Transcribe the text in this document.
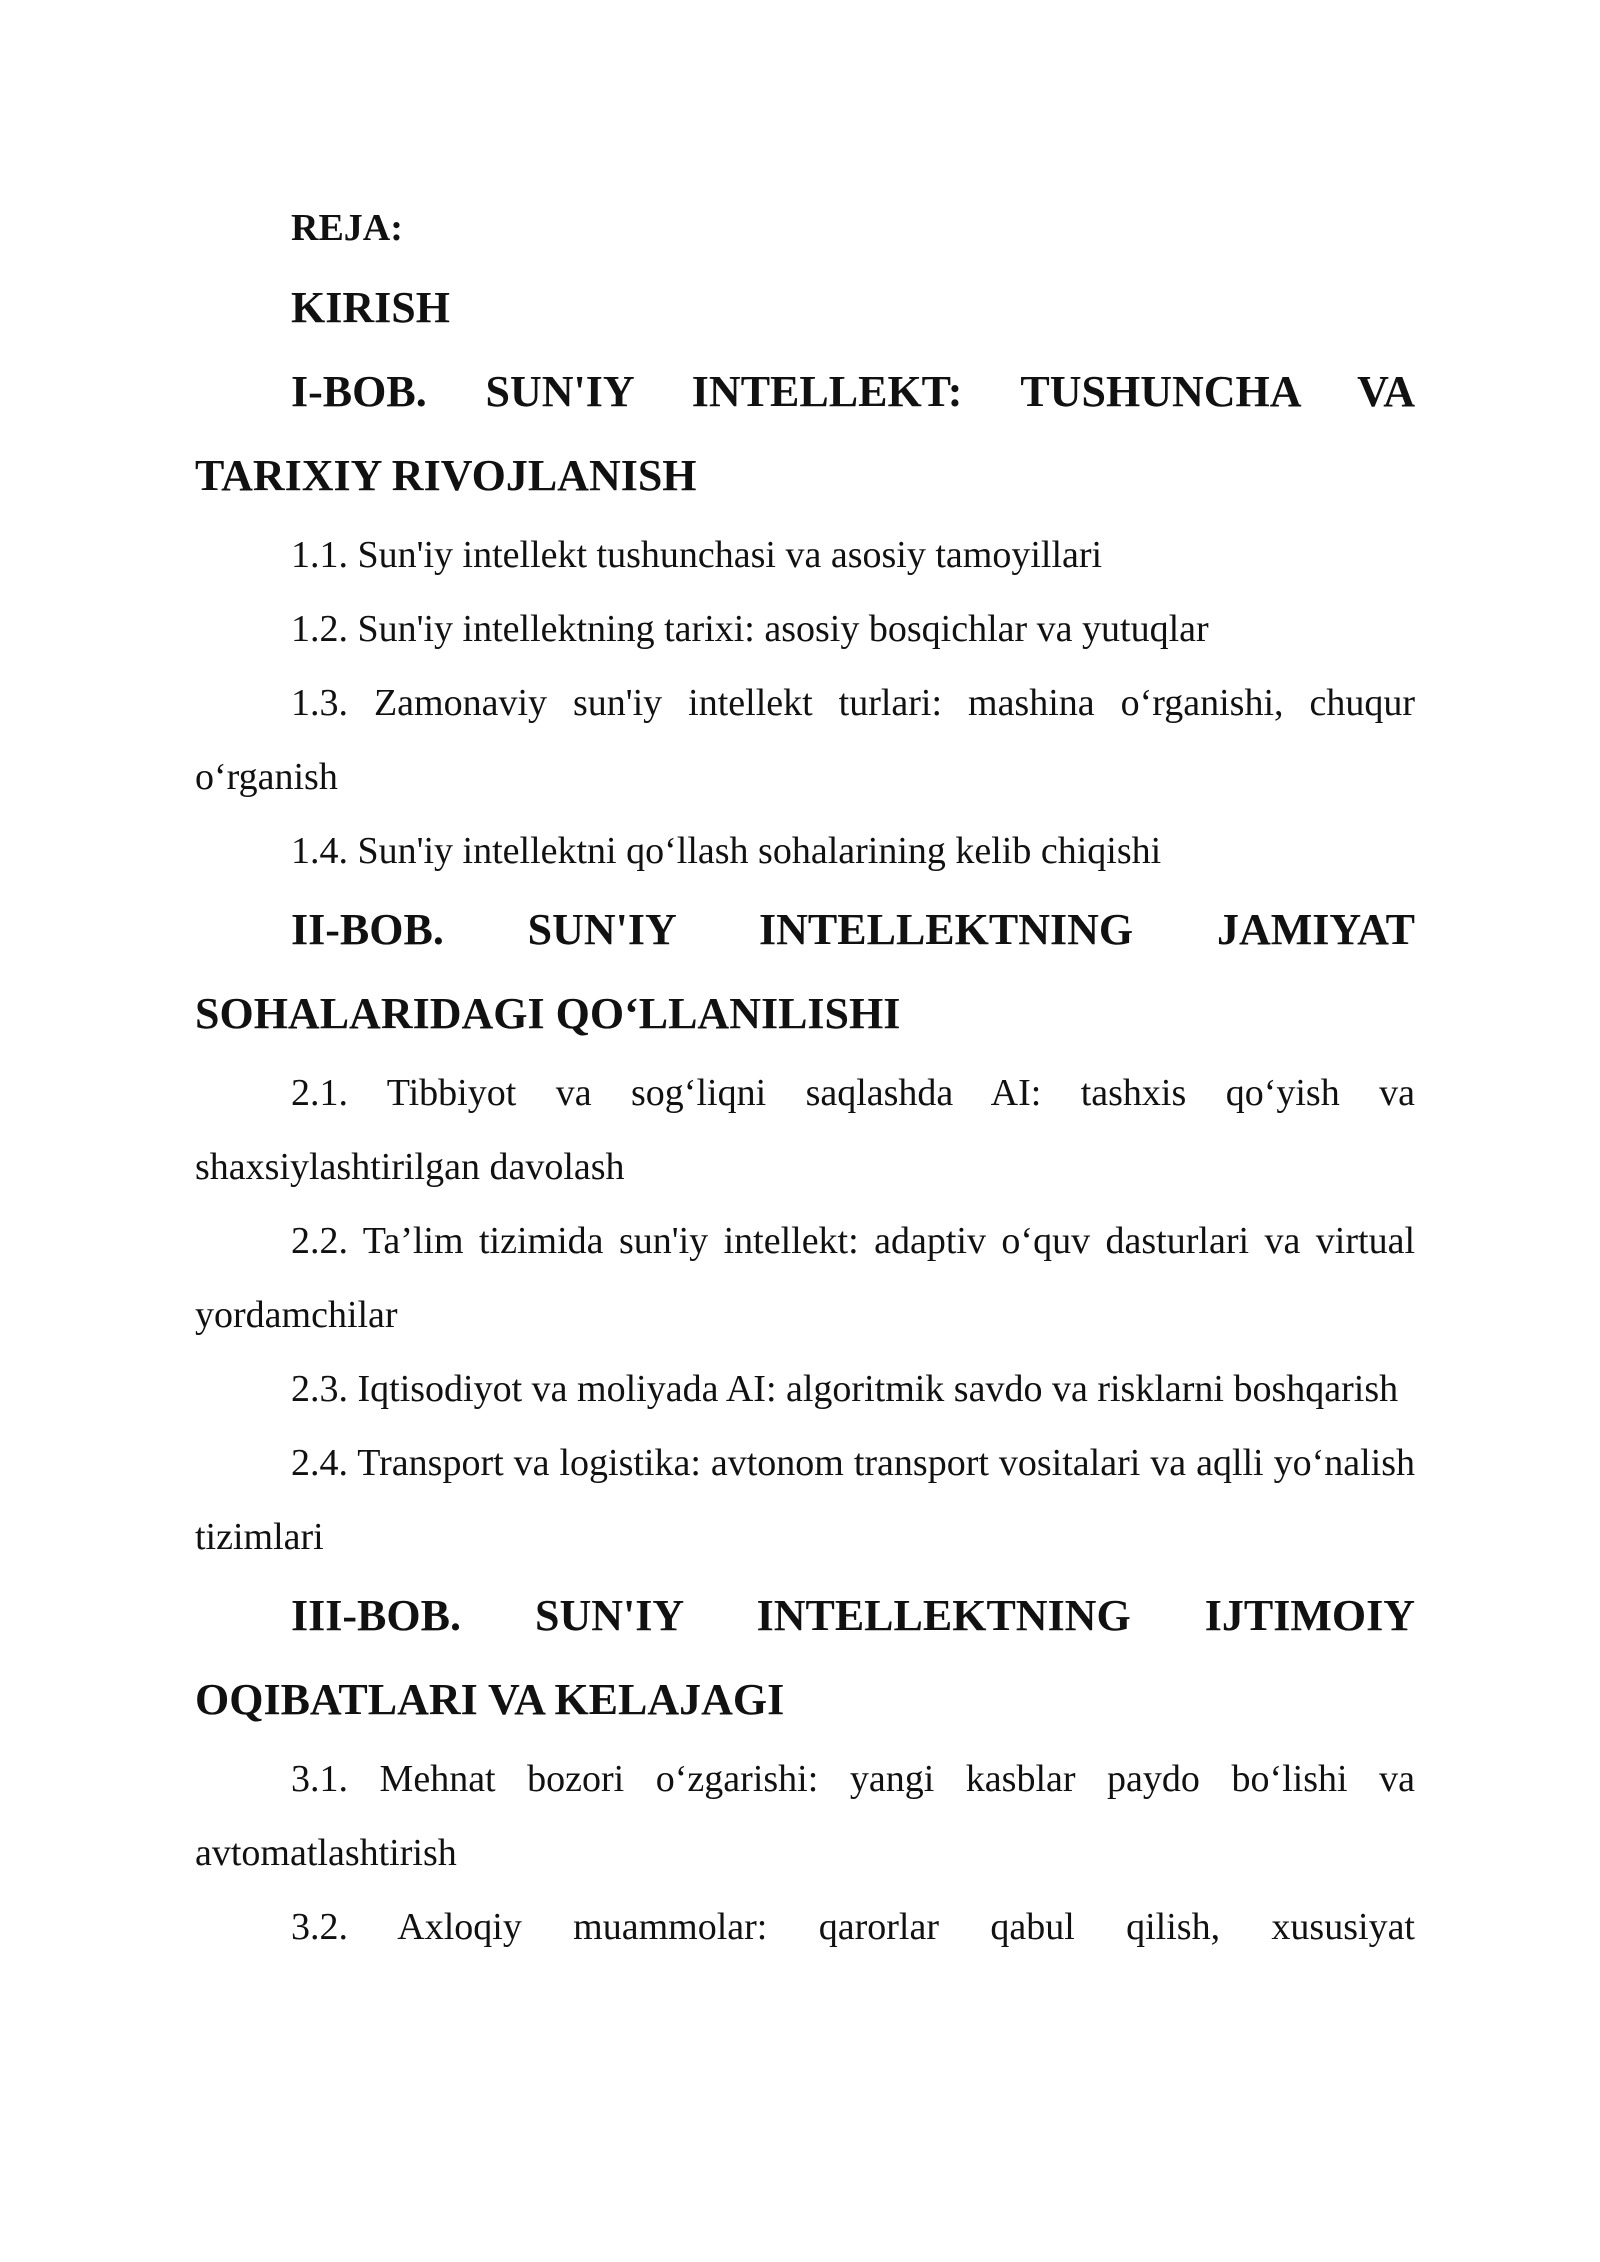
REJA:

KIRISH

I-BOB. SUN'IY INTELLEKT: TUSHUNCHA VA TARIXIY RIVOJLANISH

1.1. Sun'iy intellekt tushunchasi va asosiy tamoyillari

1.2. Sun'iy intellektning tarixi: asosiy bosqichlar va yutuqlar

1.3. Zamonaviy sun'iy intellekt turlari: mashina o‘rganishi, chuqur o‘rganish

1.4. Sun'iy intellektni qo‘llash sohalarining kelib chiqishi

II-BOB. SUN'IY INTELLEKTNING JAMIYAT SOHALARIDAGI QO‘LLANILISHI

2.1. Tibbiyot va sog‘liqni saqlashda AI: tashxis qo‘yish va shaxsiylashtirilgan davolash

2.2. Ta’lim tizimida sun'iy intellekt: adaptiv o‘quv dasturlari va virtual yordamchilar

2.3. Iqtisodiyot va moliyada AI: algoritmik savdo va risklarni boshqarish

2.4. Transport va logistika: avtonom transport vositalari va aqlli yo‘nalish tizimlari

III-BOB. SUN'IY INTELLEKTNING IJTIMOIY OQIBATLARI VA KELAJAGI

3.1. Mehnat bozori o‘zgarishi: yangi kasblar paydo bo‘lishi va avtomatlashtirish

3.2. Axloqiy muammolar: qarorlar qabul qilish, xususiyat
